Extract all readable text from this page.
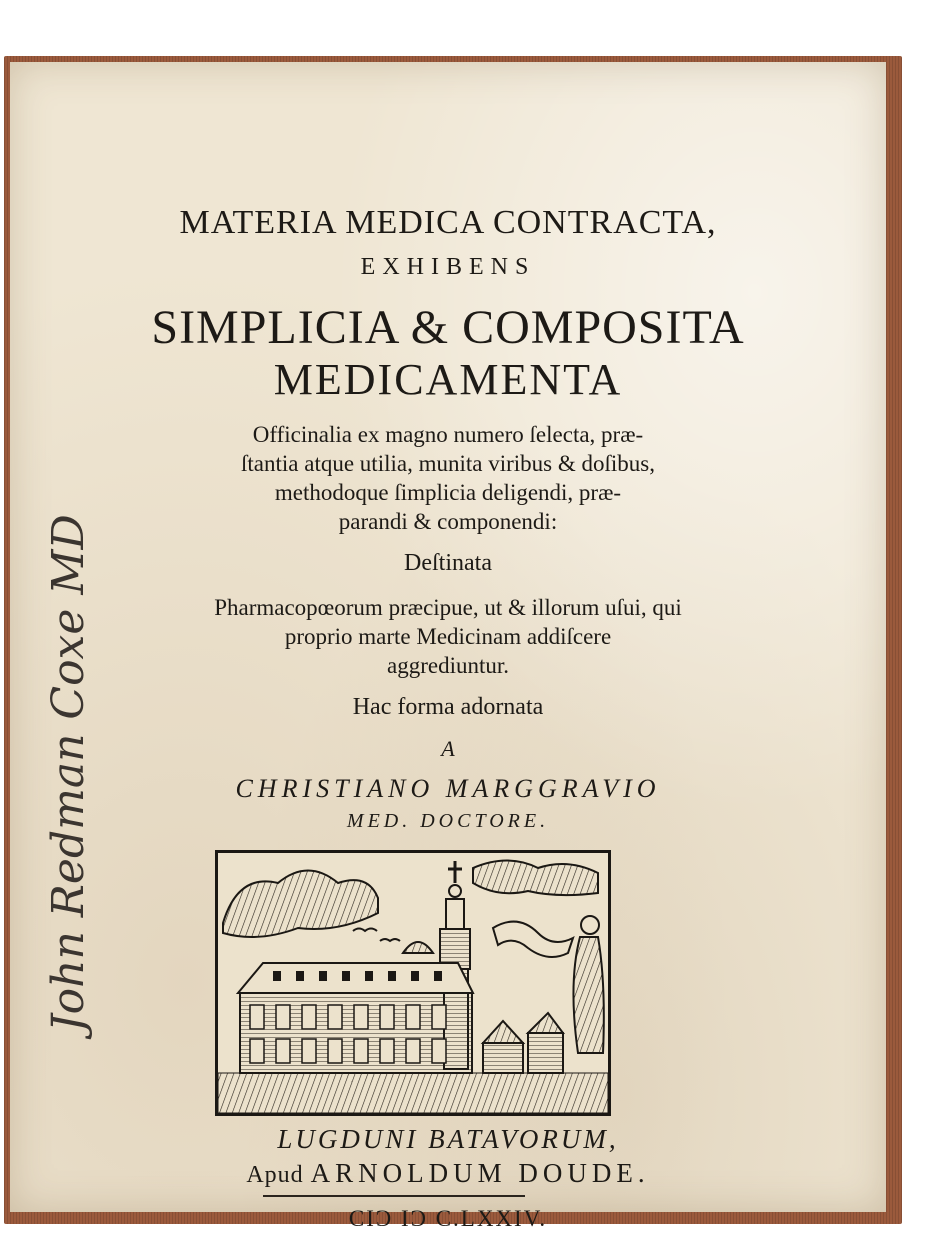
MATERIA MEDICA CONTRACTA,

EXHIBENS

SIMPLICIA & COMPOSITA

MEDICAMENTA

Officinalia ex magno numero ſelecta, præ-

ſtantia atque utilia, munita viribus & doſibus,

methodoque ſimplicia deligendi, præ-

parandi & componendi:

Deſtinata

Pharmacopœorum præcipue, ut & illorum uſui, qui

proprio marte Medicinam addiſcere

aggrediuntur.

Hac forma adornata

A

CHRISTIANO MARGGRAVIO

MED. DOCTORE.

LUGDUNI BATAVORUM,

Apud ARNOLDUM DOUDE.

CIƆ IƆ C.LXXIV.

John Redman Coxe MD
